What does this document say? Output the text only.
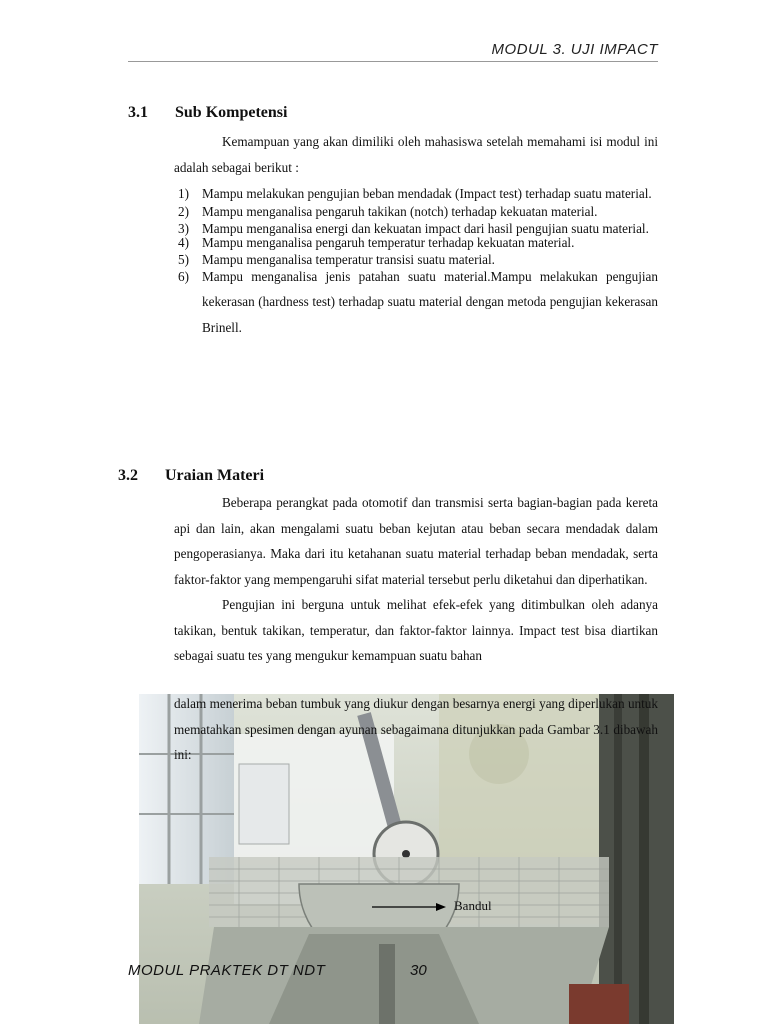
MODUL 3. UJI IMPACT
3.1 Sub Kompetensi

Kemampuan yang akan dimiliki oleh mahasiswa setelah memahami isi modul ini adalah sebagai berikut :

1) Mampu melakukan pengujian beban mendadak (Impact test) terhadap suatu material.
2) Mampu menganalisa pengaruh takikan (notch) terhadap kekuatan material.
3) Mampu menganalisa energi dan kekuatan impact dari hasil pengujian suatu material.
4) Mampu menganalisa pengaruh temperatur terhadap kekuatan material.
5) Mampu menganalisa temperatur transisi suatu material.
6) Mampu menganalisa jenis patahan suatu material.Mampu melakukan pengujian kekerasan (hardness test) terhadap suatu material dengan metoda pengujian kekerasan Brinell.
3.2 Uraian Materi

Beberapa perangkat pada otomotif dan transmisi serta bagian-bagian pada kereta api dan lain, akan mengalami suatu beban kejutan atau beban secara mendadak dalam pengoperasianya. Maka dari itu ketahanan suatu material terhadap beban mendadak, serta faktor-faktor yang mempengaruhi sifat material tersebut perlu diketahui dan diperhatikan.

Pengujian ini berguna untuk melihat efek-efek yang ditimbulkan oleh adanya takikan, bentuk takikan, temperatur, dan faktor-faktor lainnya. Impact test bisa diartikan sebagai suatu tes yang mengukur kemampuan suatu bahan

dalam menerima beban tumbuk yang diukur dengan besarnya energi yang diperlukan untuk mematahkan spesimen dengan ayunan sebagaimana ditunjukkan pada Gambar 3.1 dibawah ini:

Bandul
MODUL PRAKTEK DT NDT	30
